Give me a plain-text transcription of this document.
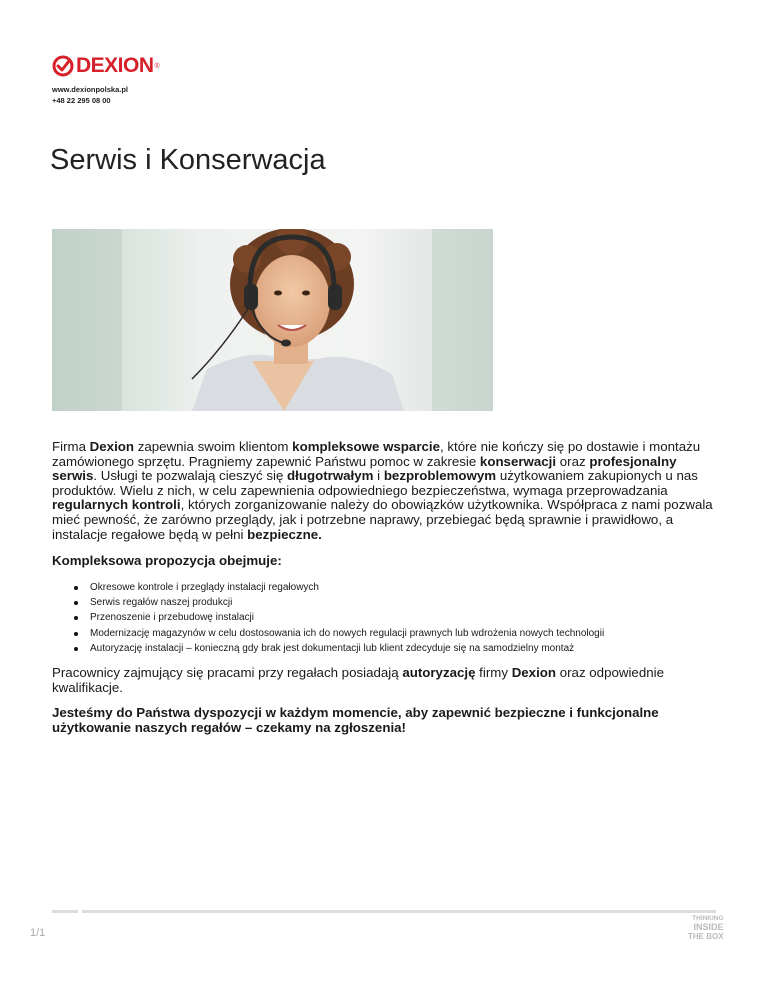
DEXION ®
www.dexionpolska.pl
+48 22 295 08 00
Serwis i Konserwacja

Firma Dexion zapewnia swoim klientom kompleksowe wsparcie, które nie kończy się po dostawie i montażu zamówionego sprzętu. Pragniemy zapewnić Państwu pomoc w zakresie konserwacji oraz profesjonalny serwis. Usługi te pozwalają cieszyć się długotrwałym i bezproblemowym użytkowaniem zakupionych u nas produktów. Wielu z nich, w celu zapewnienia odpowiedniego bezpieczeństwa, wymaga przeprowadzania regularnych kontroli, których zorganizowanie należy do obowiązków użytkownika. Współpraca z nami pozwala mieć pewność, że zarówno przeglądy, jak i potrzebne naprawy, przebiegać będą sprawnie i prawidłowo, a instalacje regałowe będą w pełni bezpieczne.

Kompleksowa propozycja obejmuje:

Okresowe kontrole i przeglądy instalacji regałowych
Serwis regałów naszej produkcji
Przenoszenie i przebudowę instalacji
Modernizację magazynów w celu dostosowania ich do nowych regulacji prawnych lub wdrożenia nowych technologii
Autoryzację instalacji – konieczną gdy brak jest dokumentacji lub klient zdecyduje się na samodzielny montaż

Pracownicy zajmujący się pracami przy regałach posiadają autoryzację firmy Dexion oraz odpowiednie kwalifikacje.

Jesteśmy do Państwa dyspozycji w każdym momencie, aby zapewnić bezpieczne i funkcjonalne użytkowanie naszych regałów – czekamy na zgłoszenia!

1/1
THINKING
INSIDE
THE BOX
